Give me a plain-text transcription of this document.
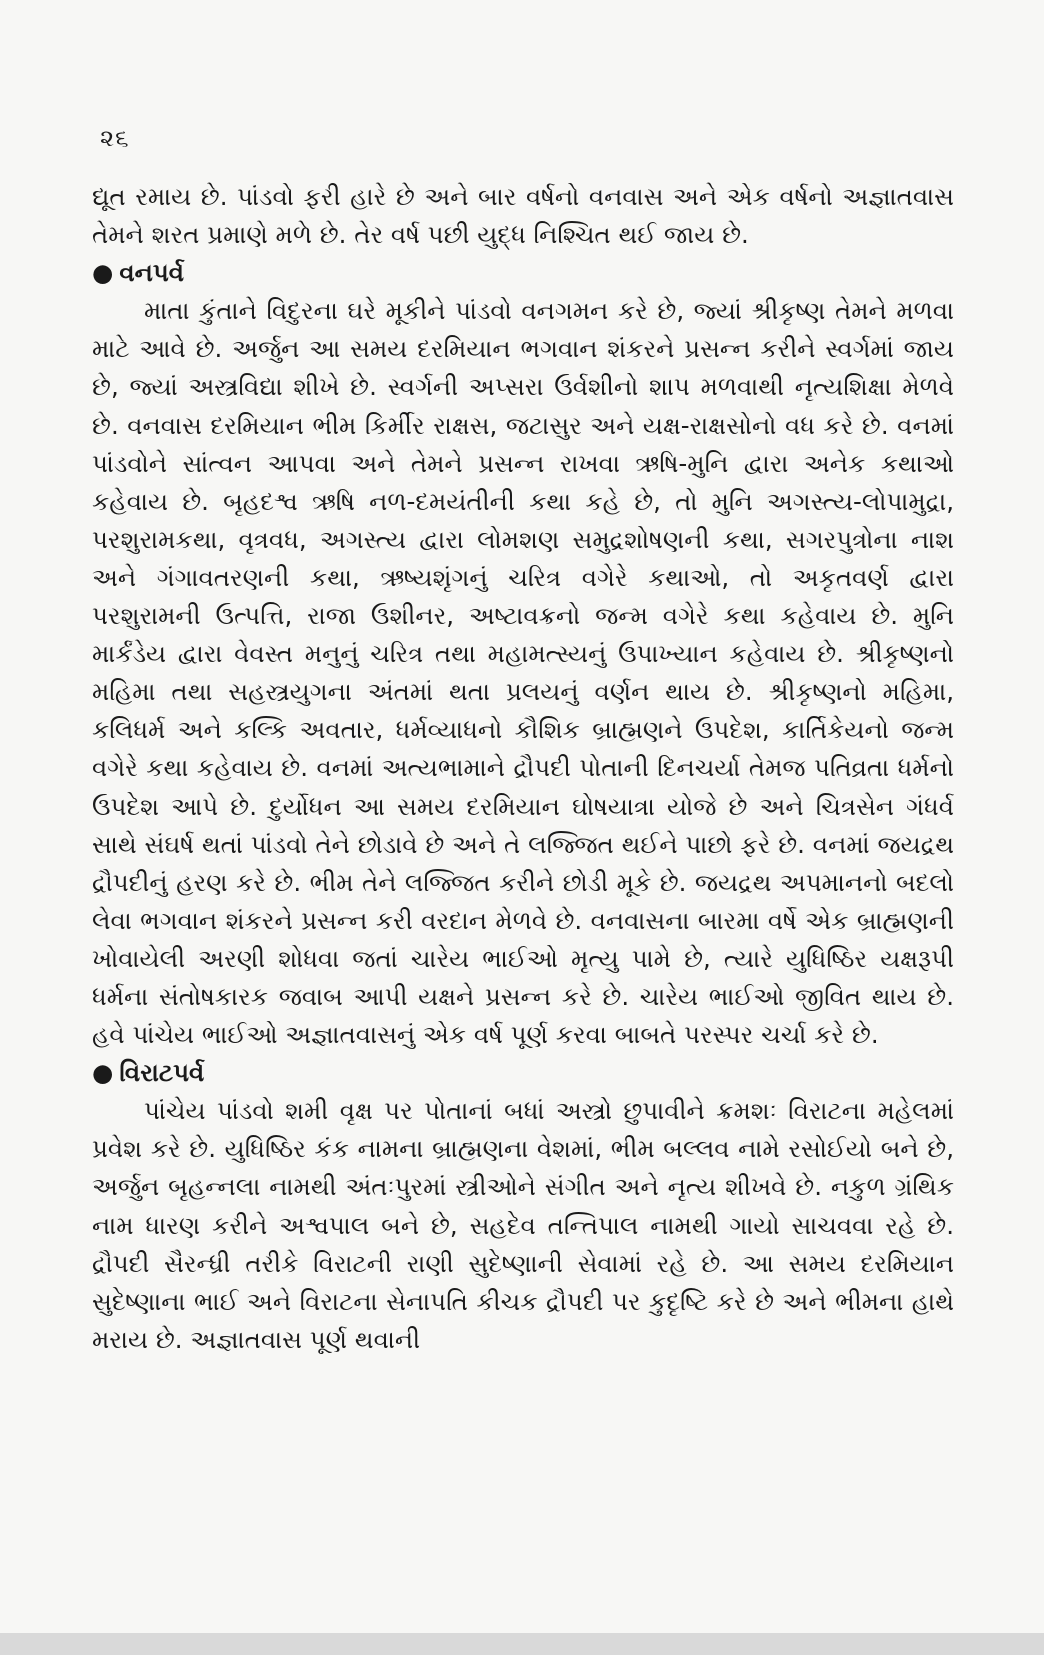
૨૬

દ્યૂત રમાય છે. પાંડવો ફરી હારે છે અને બાર વર્ષનો વનવાસ અને એક વર્ષનો અજ્ઞાતવાસ તેમને શરત પ્રમાણે મળે છે. તેર વર્ષ પછી યુદ્ધ નિશ્ચિત થઈ જાય છે.

● વનપર્વ

માતા કુંતાને વિદુરના ઘરે મૂકીને પાંડવો વનગમન કરે છે, જ્યાં શ્રીકૃષ્ણ તેમને મળવા માટે આવે છે. અર્જુન આ સમય દરમિયાન ભગવાન શંકરને પ્રસન્ન કરીને સ્વર્ગમાં જાય છે, જ્યાં અસ્ત્રવિદ્યા શીખે છે. સ્વર્ગની અપ્સરા ઉર્વશીનો શાપ મળવાથી નૃત્યશિક્ષા મેળવે છે. વનવાસ દરમિયાન ભીમ કિર્મીર રાક્ષસ, જટાસુર અને યક્ષ-રાક્ષસોનો વધ કરે છે. વનમાં પાંડવોને સાંત્વન આપવા અને તેમને પ્રસન્ન રાખવા ઋષિ-મુનિ દ્વારા અનેક કથાઓ કહેવાય છે. બૃહદશ્વ ઋષિ નળ-દમયંતીની કથા કહે છે, તો મુનિ અગસ્ત્ય-લોપામુદ્રા, પરશુરામકથા, વૃત્રવધ, અગસ્ત્ય દ્વારા લોમશણ સમુદ્રશોષણની કથા, સગરપુત્રોના નાશ અને ગંગાવતરણની કથા, ઋષ્યશૃંગનું ચરિત્ર વગેરે કથાઓ, તો અકૃતવર્ણ દ્વારા પરશુરામની ઉત્પત્તિ, રાજા ઉશીનર, અષ્ટાવક્રનો જન્મ વગેરે કથા કહેવાય છે. મુનિ માર્કંડેય દ્વારા વેવસ્ત મનુનું ચરિત્ર તથા મહામત્સ્યનું ઉપાખ્યાન કહેવાય છે. શ્રીકૃષ્ણનો મહિમા તથા સહસ્ત્રયુગના અંતમાં થતા પ્રલયનું વર્ણન થાય છે. શ્રીકૃષ્ણનો મહિમા, કલિધર્મ અને કલ્કિ અવતાર, ધર્મવ્યાધનો કૌશિક બ્રાહ્મણને ઉપદેશ, કાર્તિકેયનો જન્મ વગેરે કથા કહેવાય છે. વનમાં અત્યભામાને દ્રૌપદી પોતાની દિનચર્યા તેમજ પતિવ્રતા ધર્મનો ઉપદેશ આપે છે. દુર્યોધન આ સમય દરમિયાન ઘોષયાત્રા યોજે છે અને ચિત્રસેન ગંધર્વ સાથે સંઘર્ષ થતાં પાંડવો તેને છોડાવે છે અને તે લજ્જિત થઈને પાછો ફરે છે. વનમાં જયદ્રથ દ્રૌપદીનું હરણ કરે છે. ભીમ તેને લજ્જિત કરીને છોડી મૂકે છે. જયદ્રથ અપમાનનો બદલો લેવા ભગવાન શંકરને પ્રસન્ન કરી વરદાન મેળવે છે. વનવાસના બારમા વર્ષે એક બ્રાહ્મણની ખોવાયેલી અરણી શોધવા જતાં ચારેય ભાઈઓ મૃત્યુ પામે છે, ત્યારે યુધિષ્ઠિર યક્ષરૂપી ધર્મના સંતોષકારક જવાબ આપી યક્ષને પ્રસન્ન કરે છે. ચારેય ભાઈઓ જીવિત થાય છે. હવે પાંચેય ભાઈઓ અજ્ઞાતવાસનું એક વર્ષ પૂર્ણ કરવા બાબતે પરસ્પર ચર્ચા કરે છે.

● વિરાટપર્વ

પાંચેય પાંડવો શમી વૃક્ષ પર પોતાનાં બધાં અસ્ત્રો છુપાવીને ક્રમશઃ વિરાટના મહેલમાં પ્રવેશ કરે છે. યુધિષ્ઠિર કંક નામના બ્રાહ્મણના વેશમાં, ભીમ બલ્લવ નામે રસોઈયો બને છે, અર્જુન બૃહન્નલા નામથી અંતઃપુરમાં સ્ત્રીઓને સંગીત અને નૃત્ય શીખવે છે. નકુળ ગ્રંથિક નામ ધારણ કરીને અશ્વપાલ બને છે, સહદેવ તન્તિપાલ નામથી ગાયો સાચવવા રહે છે. દ્રૌપદી સૈરન્ધ્રી તરીકે વિરાટની રાણી સુદેષ્ણાની સેવામાં રહે છે. આ સમય દરમિયાન સુદેષ્ણાના ભાઈ અને વિરાટના સેનાપતિ કીચક દ્રૌપદી પર કુદૃષ્ટિ કરે છે અને ભીમના હાથે મરાય છે. અજ્ઞાતવાસ પૂર્ણ થવાની
